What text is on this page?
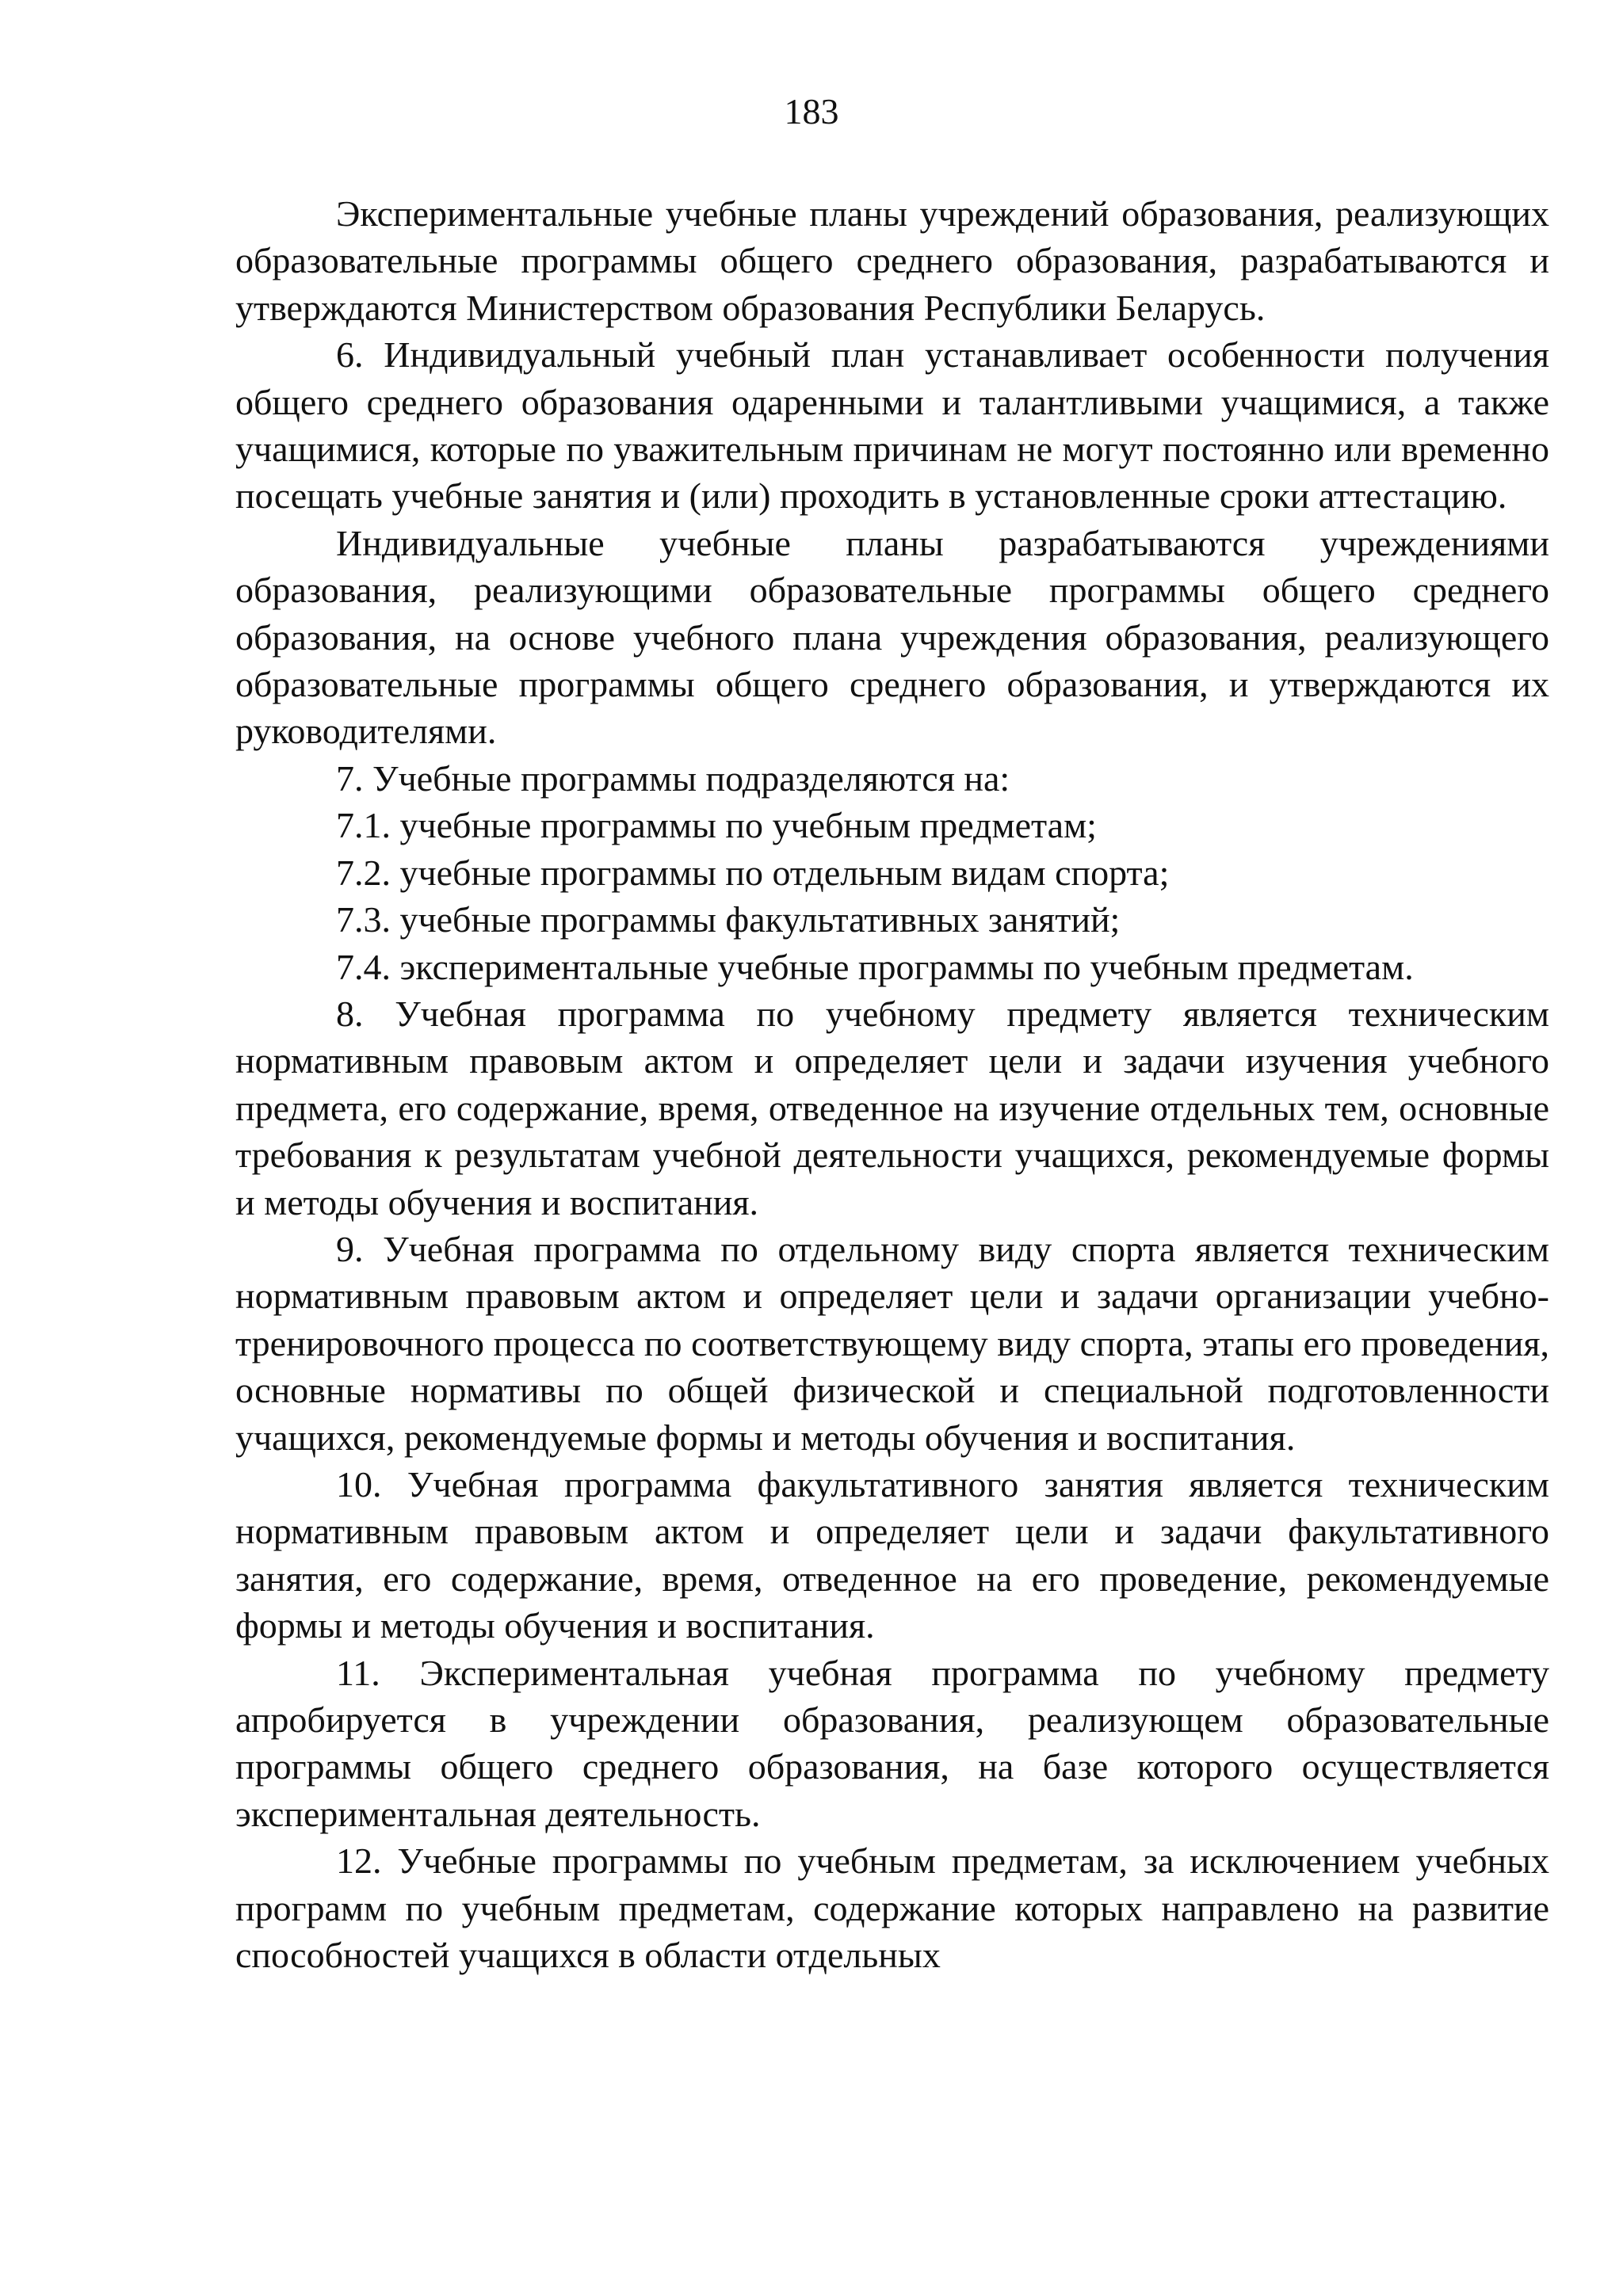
183

Экспериментальные учебные планы учреждений образования, реализующих образовательные программы общего среднего образования, разрабатываются и утверждаются Министерством образования Республики Беларусь.

6. Индивидуальный учебный план устанавливает особенности получения общего среднего образования одаренными и талантливыми учащимися, а также учащимися, которые по уважительным причинам не могут постоянно или временно посещать учебные занятия и (или) проходить в установленные сроки аттестацию.

Индивидуальные учебные планы разрабатываются учреждениями образования, реализующими образовательные программы общего среднего образования, на основе учебного плана учреждения образования, реализующего образовательные программы общего среднего образования, и утверждаются их руководителями.

7. Учебные программы подразделяются на:

7.1. учебные программы по учебным предметам;

7.2. учебные программы по отдельным видам спорта;

7.3. учебные программы факультативных занятий;

7.4. экспериментальные учебные программы по учебным предметам.

8. Учебная программа по учебному предмету является техническим нормативным правовым актом и определяет цели и задачи изучения учебного предмета, его содержание, время, отведенное на изучение отдельных тем, основные требования к результатам учебной деятельности учащихся, рекомендуемые формы и методы обучения и воспитания.

9. Учебная программа по отдельному виду спорта является техническим нормативным правовым актом и определяет цели и задачи организации учебно-тренировочного процесса по соответствующему виду спорта, этапы его проведения, основные нормативы по общей физической и специальной подготовленности учащихся, рекомендуемые формы и методы обучения и воспитания.

10. Учебная программа факультативного занятия является техническим нормативным правовым актом и определяет цели и задачи факультативного занятия, его содержание, время, отведенное на его проведение, рекомендуемые формы и методы обучения и воспитания.

11. Экспериментальная учебная программа по учебному предмету апробируется в учреждении образования, реализующем образовательные программы общего среднего образования, на базе которого осуществляется экспериментальная деятельность.

12. Учебные программы по учебным предметам, за исключением учебных программ по учебным предметам, содержание которых направлено на развитие способностей учащихся в области отдельных
